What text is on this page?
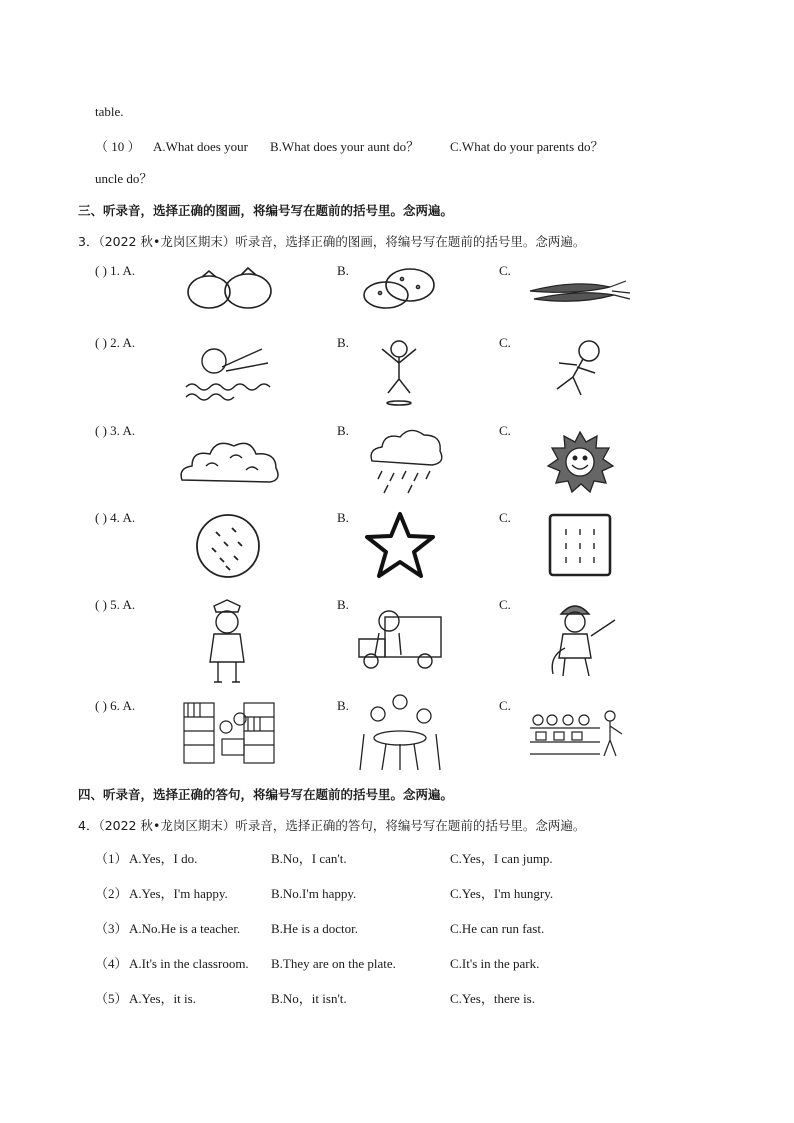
table.
（ 10 ） A.What does your B.What does your aunt do？ C.What do your parents do？
uncle do？
三、听录音，选择正确的图画，将编号写在题前的括号里。念两遍。
3．（2022 秋•龙岗区期末）听录音，选择正确的图画，将编号写在题前的括号里。念两遍。
( ) 1. A.	B.	C.
( ) 2. A.	B.	C.
( ) 3. A.	B.	C.
( ) 4. A.	B.	C.
( ) 5. A.	B.	C.
( ) 6. A.	B.	C.
四、听录音，选择正确的答句，将编号写在题前的括号里。念两遍。
4．（2022 秋•龙岗区期末）听录音，选择正确的答句，将编号写在题前的括号里。念两遍。
（1） A.Yes，I do.	B.No，I can't.	C.Yes，I can jump.
（2） A.Yes，I'm happy.	B.No.I'm happy.	C.Yes，I'm hungry.
（3） A.No.He is a teacher. B.He is a doctor.	C.He can run fast.
（4） A.It's in the classroom. B.They are on the plate.	C.It's in the park.
（5） A.Yes，it is.	B.No，it isn't.	C.Yes，there is.
